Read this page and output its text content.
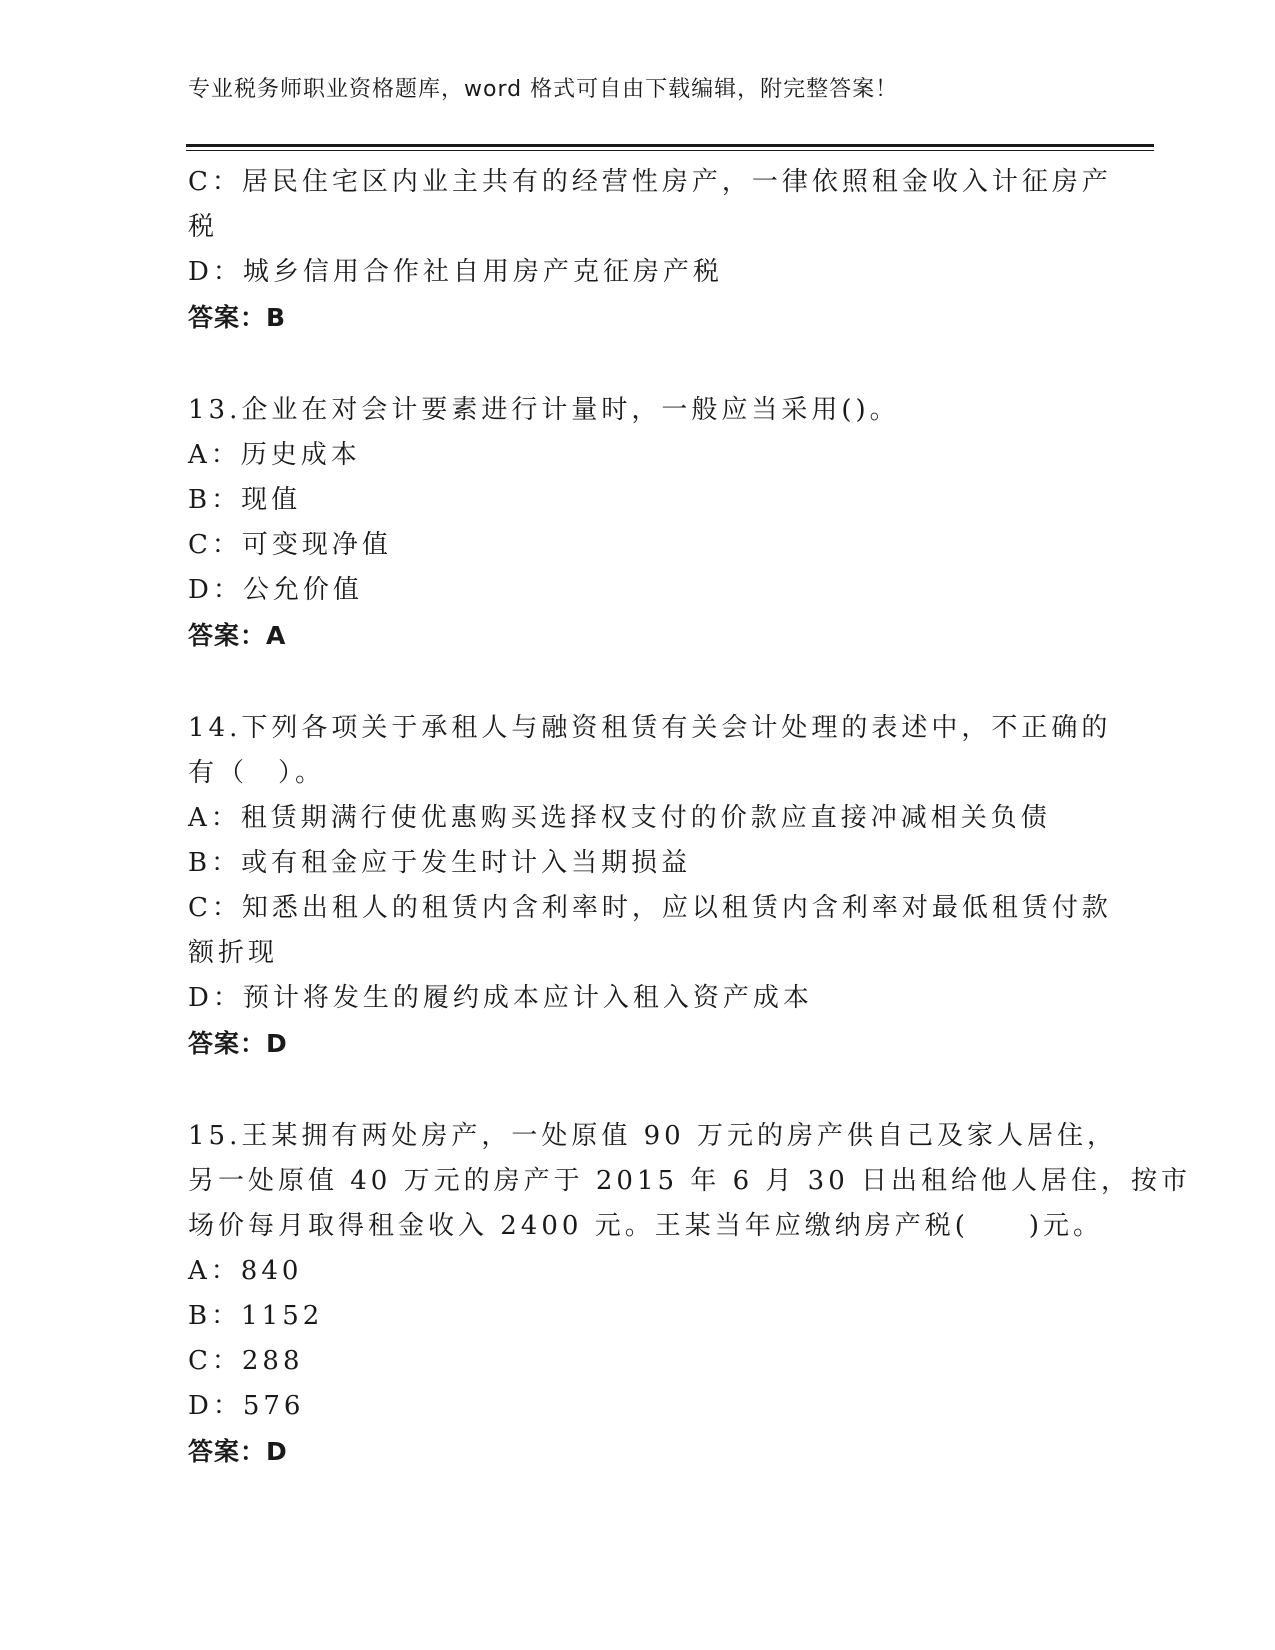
专业税务师职业资格题库，word 格式可自由下载编辑，附完整答案！
C：居民住宅区内业主共有的经营性房产，一律依照租金收入计征房产
税
D：城乡信用合作社自用房产克征房产税
答案：B
13.企业在对会计要素进行计量时，一般应当采用()。
A：历史成本
B：现值
C：可变现净值
D：公允价值
答案：A
14.下列各项关于承租人与融资租赁有关会计处理的表述中，不正确的
有（　）。
A：租赁期满行使优惠购买选择权支付的价款应直接冲减相关负债
B：或有租金应于发生时计入当期损益
C：知悉出租人的租赁内含利率时，应以租赁内含利率对最低租赁付款
额折现
D：预计将发生的履约成本应计入租入资产成本
答案：D
15.王某拥有两处房产，一处原值 90 万元的房产供自己及家人居住，
另一处原值 40 万元的房产于 2015 年 6 月 30 日出租给他人居住，按市
场价每月取得租金收入 2400 元。王某当年应缴纳房产税(　　)元。
A：840
B：1152
C：288
D：576
答案：D
